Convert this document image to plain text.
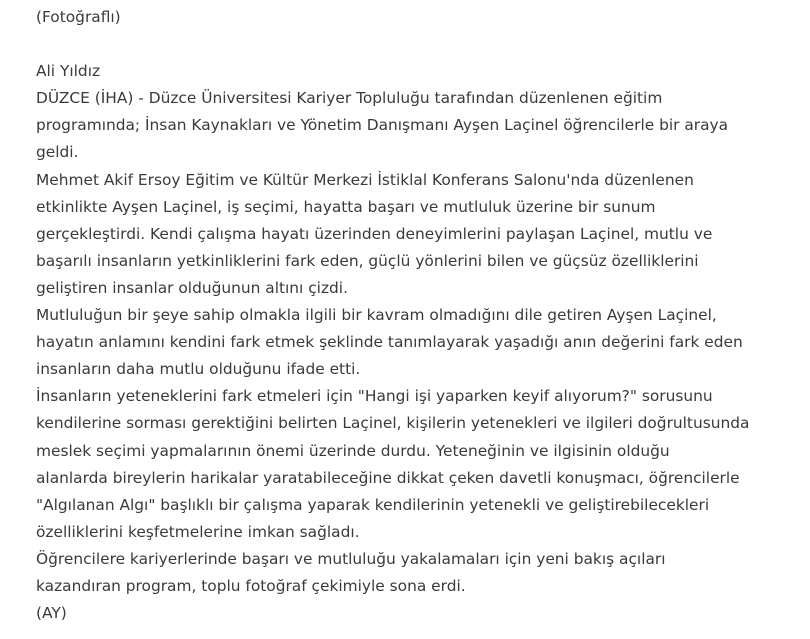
(Fotoğraflı)

Ali Yıldız

DÜZCE (İHA) - Düzce Üniversitesi Kariyer Topluluğu tarafından düzenlenen eğitim

programında; İnsan Kaynakları ve Yönetim Danışmanı Ayşen Laçinel öğrencilerle bir araya

geldi.

Mehmet Akif Ersoy Eğitim ve Kültür Merkezi İstiklal Konferans Salonu'nda düzenlenen

etkinlikte Ayşen Laçinel, iş seçimi, hayatta başarı ve mutluluk üzerine bir sunum

gerçekleştirdi. Kendi çalışma hayatı üzerinden deneyimlerini paylaşan Laçinel, mutlu ve

başarılı insanların yetkinliklerini fark eden, güçlü yönlerini bilen ve güçsüz özelliklerini

geliştiren insanlar olduğunun altını çizdi.

Mutluluğun bir şeye sahip olmakla ilgili bir kavram olmadığını dile getiren Ayşen Laçinel,

hayatın anlamını kendini fark etmek şeklinde tanımlayarak yaşadığı anın değerini fark eden

insanların daha mutlu olduğunu ifade etti.

İnsanların yeteneklerini fark etmeleri için "Hangi işi yaparken keyif alıyorum?" sorusunu

kendilerine sorması gerektiğini belirten Laçinel, kişilerin yetenekleri ve ilgileri doğrultusunda

meslek seçimi yapmalarının önemi üzerinde durdu. Yeteneğinin ve ilgisinin olduğu

alanlarda bireylerin harikalar yaratabileceğine dikkat çeken davetli konuşmacı, öğrencilerle

"Algılanan Algı" başlıklı bir çalışma yaparak kendilerinin yetenekli ve geliştirebilecekleri

özelliklerini keşfetmelerine imkan sağladı.

Öğrencilere kariyerlerinde başarı ve mutluluğu yakalamaları için yeni bakış açıları

kazandıran program, toplu fotoğraf çekimiyle sona erdi.

(AY)
